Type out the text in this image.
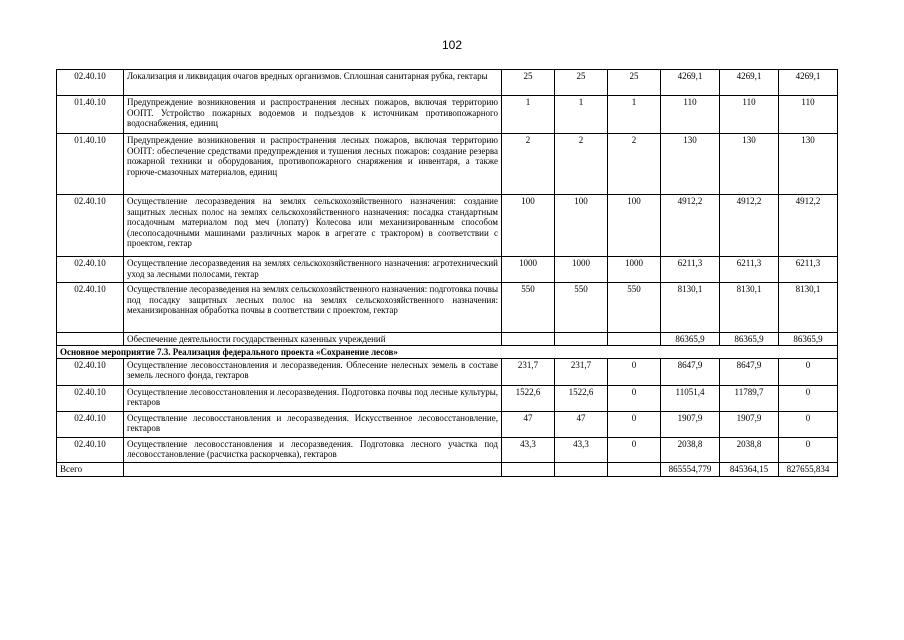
102
02.40.10	Локализация и ликвидация очагов вредных организмов. Сплошная санитарная рубка, гектары	25	25	25	4269,1	4269,1	4269,1
01.40.10	Предупреждение возникновения и распространения лесных пожаров, включая территорию ООПТ. Устройство пожарных водоемов и подъездов к источникам противопожарного водоснабжения, единиц	1	1	1	110	110	110
01.40.10	Предупреждение возникновения и распространения лесных пожаров, включая территорию ООПТ: обеспечение средствами предупреждения и тушения лесных пожаров: создание резерва пожарной техники и оборудования, противопожарного снаряжения и инвентаря, а также горюче-смазочных материалов, единиц	2	2	2	130	130	130
02.40.10	Осуществление лесоразведения на землях сельскохозяйственного назначения: создание защитных лесных полос на землях сельскохозяйственного назначения: посадка стандартным посадочным материалом под меч (лопату) Колесова или механизированным способом (лесопосадочными машинами различных марок в агрегате с трактором) в соответствии с проектом, гектар	100	100	100	4912,2	4912,2	4912,2
02.40.10	Осуществление лесоразведения на землях сельскохозяйственного назначения: агротехнический уход за лесными полосами, гектар	1000	1000	1000	6211,3	6211,3	6211,3
02.40.10	Осуществление лесоразведения на землях сельскохозяйственного назначения: подготовка почвы под посадку защитных лесных полос на землях сельскохозяйственного назначения: механизированная обработка почвы в соответствии с проектом, гектар	550	550	550	8130,1	8130,1	8130,1
	Обеспечение деятельности государственных казенных учреждений				86365,9	86365,9	86365,9
Основное мероприятие 7.3. Реализация федерального проекта «Сохранение лесов»							
02.40.10	Осуществление лесовосстановления и лесоразведения. Облесение нелесных земель в составе земель лесного фонда, гектаров	231,7	231,7	0	8647,9	8647,9	0
02.40.10	Осуществление лесовосстановления и лесоразведения. Подготовка почвы под лесные культуры, гектаров	1522,6	1522,6	0	11051,4	11789,7	0
02.40.10	Осуществление лесовосстановления и лесоразведения. Искусственное лесовосстановление, гектаров	47	47	0	1907,9	1907,9	0
02.40.10	Осуществление лесовосстановления и лесоразведения. Подготовка лесного участка под лесовосстановление (расчистка раскорчевка), гектаров	43,3	43,3	0	2038,8	2038,8	0
Всего					865554,779	845364,15	827655,834
